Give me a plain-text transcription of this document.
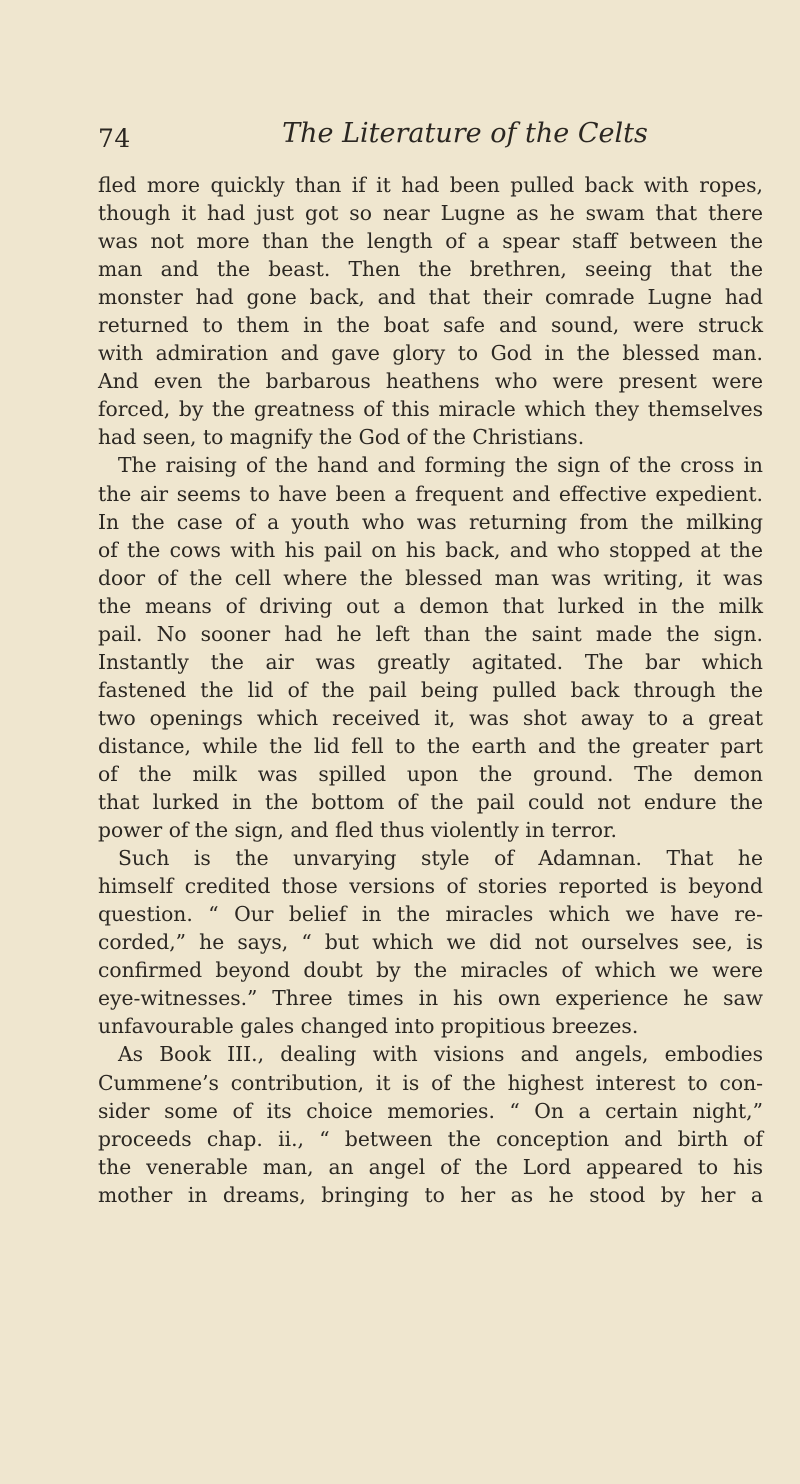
74	The Literature of the Celts
fled more quickly than if it had been pulled back with ropes,
though it had just got so near Lugne as he swam that there
was not more than the length of a spear staff between the
man and the beast. Then the brethren, seeing that the
monster had gone back, and that their comrade Lugne had
returned to them in the boat safe and sound, were struck
with admiration and gave glory to God in the blessed man.
And even the barbarous heathens who were present were
forced, by the greatness of this miracle which they themselves
had seen, to magnify the God of the Christians.
The raising of the hand and forming the sign of the cross in
the air seems to have been a frequent and effective expedient.
In the case of a youth who was returning from the milking
of the cows with his pail on his back, and who stopped at the
door of the cell where the blessed man was writing, it was
the means of driving out a demon that lurked in the milk
pail. No sooner had he left than the saint made the sign.
Instantly the air was greatly agitated. The bar which
fastened the lid of the pail being pulled back through the
two openings which received it, was shot away to a great
distance, while the lid fell to the earth and the greater part
of the milk was spilled upon the ground. The demon
that lurked in the bottom of the pail could not endure the
power of the sign, and fled thus violently in terror.
Such is the unvarying style of Adamnan. That he
himself credited those versions of stories reported is beyond
question. “ Our belief in the miracles which we have re-
corded,” he says, “ but which we did not ourselves see, is
confirmed beyond doubt by the miracles of which we were
eye-witnesses.” Three times in his own experience he saw
unfavourable gales changed into propitious breezes.
As Book III., dealing with visions and angels, embodies
Cummene’s contribution, it is of the highest interest to con-
sider some of its choice memories. “ On a certain night,”
proceeds chap. ii., “ between the conception and birth of
the venerable man, an angel of the Lord appeared to his
mother in dreams, bringing to her as he stood by her a
